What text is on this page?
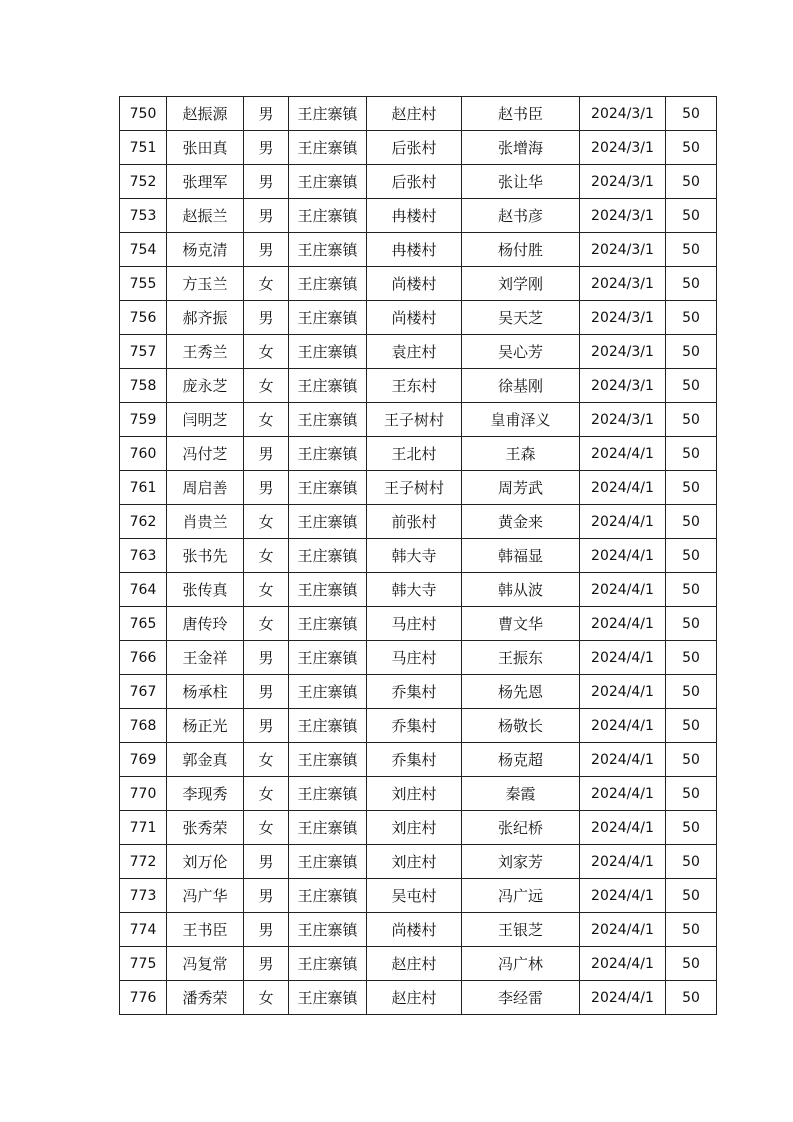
750	赵振源	男	王庄寨镇	赵庄村	赵书臣	2024/3/1	50
751	张田真	男	王庄寨镇	后张村	张增海	2024/3/1	50
752	张理军	男	王庄寨镇	后张村	张让华	2024/3/1	50
753	赵振兰	男	王庄寨镇	冉楼村	赵书彦	2024/3/1	50
754	杨克清	男	王庄寨镇	冉楼村	杨付胜	2024/3/1	50
755	方玉兰	女	王庄寨镇	尚楼村	刘学刚	2024/3/1	50
756	郝齐振	男	王庄寨镇	尚楼村	吴天芝	2024/3/1	50
757	王秀兰	女	王庄寨镇	袁庄村	吴心芳	2024/3/1	50
758	庞永芝	女	王庄寨镇	王东村	徐基刚	2024/3/1	50
759	闫明芝	女	王庄寨镇	王子树村	皇甫泽义	2024/3/1	50
760	冯付芝	男	王庄寨镇	王北村	王森	2024/4/1	50
761	周启善	男	王庄寨镇	王子树村	周芳武	2024/4/1	50
762	肖贵兰	女	王庄寨镇	前张村	黄金来	2024/4/1	50
763	张书先	女	王庄寨镇	韩大寺	韩福显	2024/4/1	50
764	张传真	女	王庄寨镇	韩大寺	韩从波	2024/4/1	50
765	唐传玲	女	王庄寨镇	马庄村	曹文华	2024/4/1	50
766	王金祥	男	王庄寨镇	马庄村	王振东	2024/4/1	50
767	杨承柱	男	王庄寨镇	乔集村	杨先恩	2024/4/1	50
768	杨正光	男	王庄寨镇	乔集村	杨敬长	2024/4/1	50
769	郭金真	女	王庄寨镇	乔集村	杨克超	2024/4/1	50
770	李现秀	女	王庄寨镇	刘庄村	秦霞	2024/4/1	50
771	张秀荣	女	王庄寨镇	刘庄村	张纪桥	2024/4/1	50
772	刘万伦	男	王庄寨镇	刘庄村	刘家芳	2024/4/1	50
773	冯广华	男	王庄寨镇	吴屯村	冯广远	2024/4/1	50
774	王书臣	男	王庄寨镇	尚楼村	王银芝	2024/4/1	50
775	冯复常	男	王庄寨镇	赵庄村	冯广林	2024/4/1	50
776	潘秀荣	女	王庄寨镇	赵庄村	李经雷	2024/4/1	50
